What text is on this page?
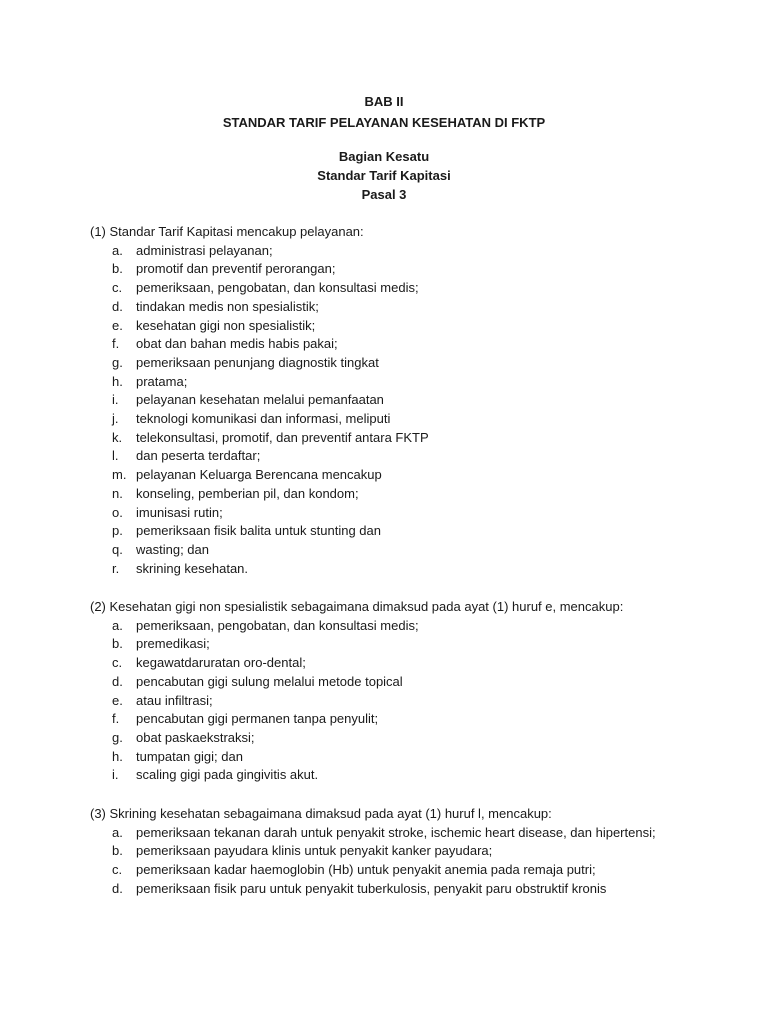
BAB II

STANDAR TARIF PELAYANAN KESEHATAN DI FKTP

Bagian Kesatu

Standar Tarif Kapitasi

Pasal 3

(1) Standar Tarif Kapitasi mencakup pelayanan:

a. administrasi pelayanan;
b. promotif dan preventif perorangan;
c. pemeriksaan, pengobatan, dan konsultasi medis;
d. tindakan medis non spesialistik;
e. kesehatan gigi non spesialistik;
f. obat dan bahan medis habis pakai;
g. pemeriksaan penunjang diagnostik tingkat
h. pratama;
i. pelayanan kesehatan melalui pemanfaatan
j. teknologi komunikasi dan informasi, meliputi
k. telekonsultasi, promotif, dan preventif antara FKTP
l. dan peserta terdaftar;
m. pelayanan Keluarga Berencana mencakup
n. konseling, pemberian pil, dan kondom;
o. imunisasi rutin;
p. pemeriksaan fisik balita untuk stunting dan
q. wasting; dan
r. skrining kesehatan.

(2) Kesehatan gigi non spesialistik sebagaimana dimaksud pada ayat (1) huruf e, mencakup:

a. pemeriksaan, pengobatan, dan konsultasi medis;
b. premedikasi;
c. kegawatdaruratan oro-dental;
d. pencabutan gigi sulung melalui metode topical
e. atau infiltrasi;
f. pencabutan gigi permanen tanpa penyulit;
g. obat paskaekstraksi;
h. tumpatan gigi; dan
i. scaling gigi pada gingivitis akut.

(3) Skrining kesehatan sebagaimana dimaksud pada ayat (1) huruf l, mencakup:

a. pemeriksaan tekanan darah untuk penyakit stroke, ischemic heart disease, dan hipertensi;
b. pemeriksaan payudara klinis untuk penyakit kanker payudara;
c. pemeriksaan kadar haemoglobin (Hb) untuk penyakit anemia pada remaja putri;
d. pemeriksaan fisik paru untuk penyakit tuberkulosis, penyakit paru obstruktif kronis
